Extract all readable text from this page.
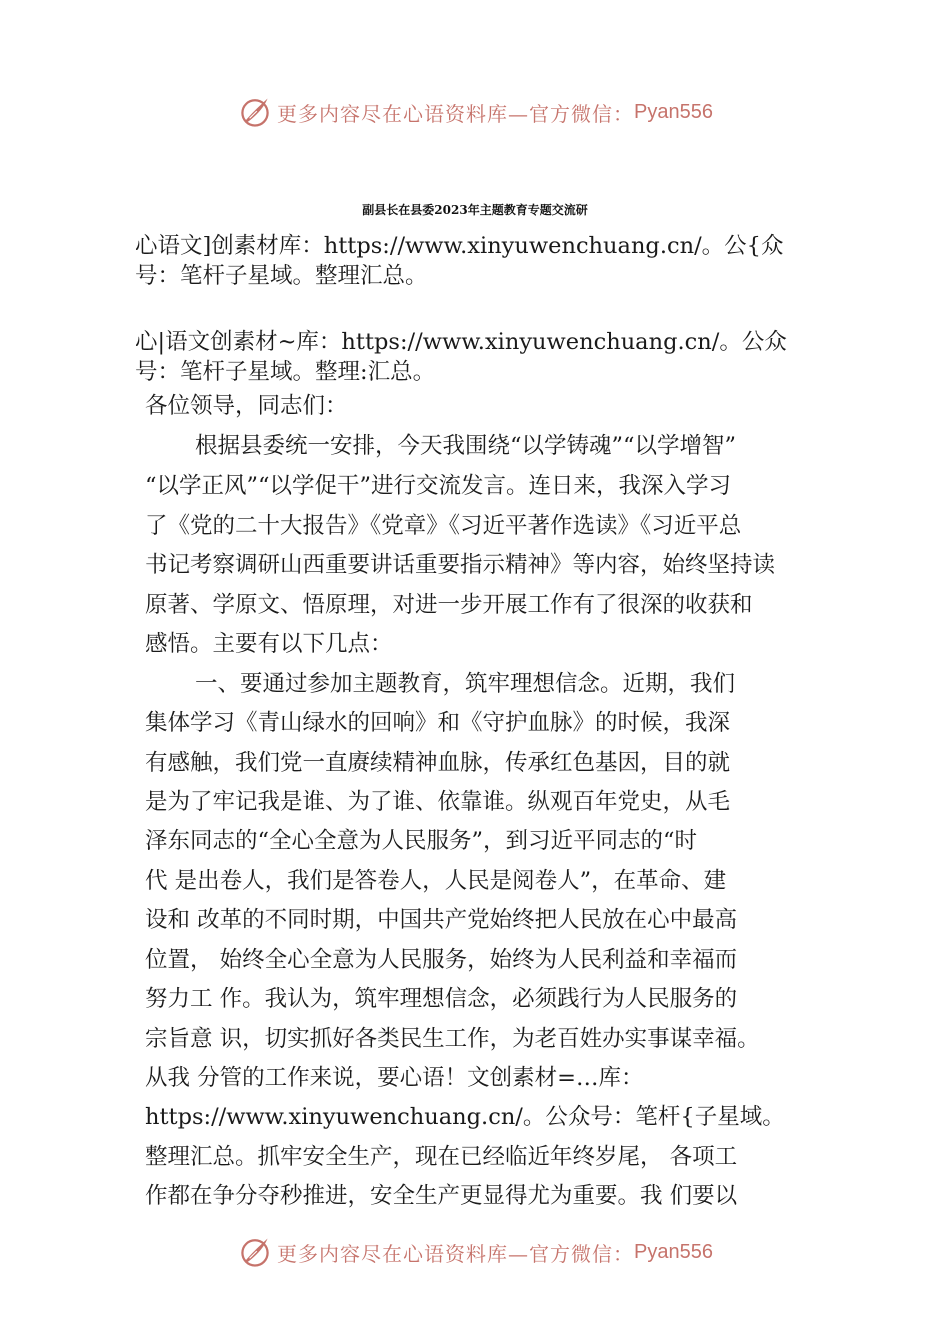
更多内容尽在心语资料库—官方微信： Pyan556
副县长在县委2023年主题教育专题交流研

心语文]创素材库：https://www.xinyuwenchuang.cn/。公{众

号：笔杆子星域。整理汇总。

心|语文创素材~库：https://www.xinyuwenchuang.cn/。公众

号：笔杆子星域。整理:汇总。

各位领导，同志们：

根据县委统一安排，今天我围绕“以学铸魂”“以学增智”

“以学正风”“以学促干”进行交流发言。连日来，我深入学习

了《党的二十大报告》《党章》《习近平著作选读》《习近平总

书记考察调研山西重要讲话重要指示精神》等内容，始终坚持读

原著、学原文、悟原理，对进一步开展工作有了很深的收获和

感悟。主要有以下几点：

一、要通过参加主题教育，筑牢理想信念。近期，我们

集体学习《青山绿水的回响》和《守护血脉》的时候，我深

有感触，我们党一直赓续精神血脉，传承红色基因，目的就

是为了牢记我是谁、为了谁、依靠谁。纵观百年党史，从毛

泽东同志的“全心全意为人民服务”，到习近平同志的“时

代 是出卷人，我们是答卷人，人民是阅卷人”，在革命、建

设和 改革的不同时期，中国共产党始终把人民放在心中最高

位置， 始终全心全意为人民服务，始终为人民利益和幸福而

努力工 作。我认为，筑牢理想信念，必须践行为人民服务的

宗旨意 识，切实抓好各类民生工作，为老百姓办实事谋幸福。

从我 分管的工作来说，要心语！文创素材=…库：

https://www.xinyuwenchuang.cn/。公众号：笔杆{子星域。

整理汇总。抓牢安全生产，现在已经临近年终岁尾， 各项工

作都在争分夺秒推进，安全生产更显得尤为重要。我 们要以

更多内容尽在心语资料库—官方微信： Pyan556
